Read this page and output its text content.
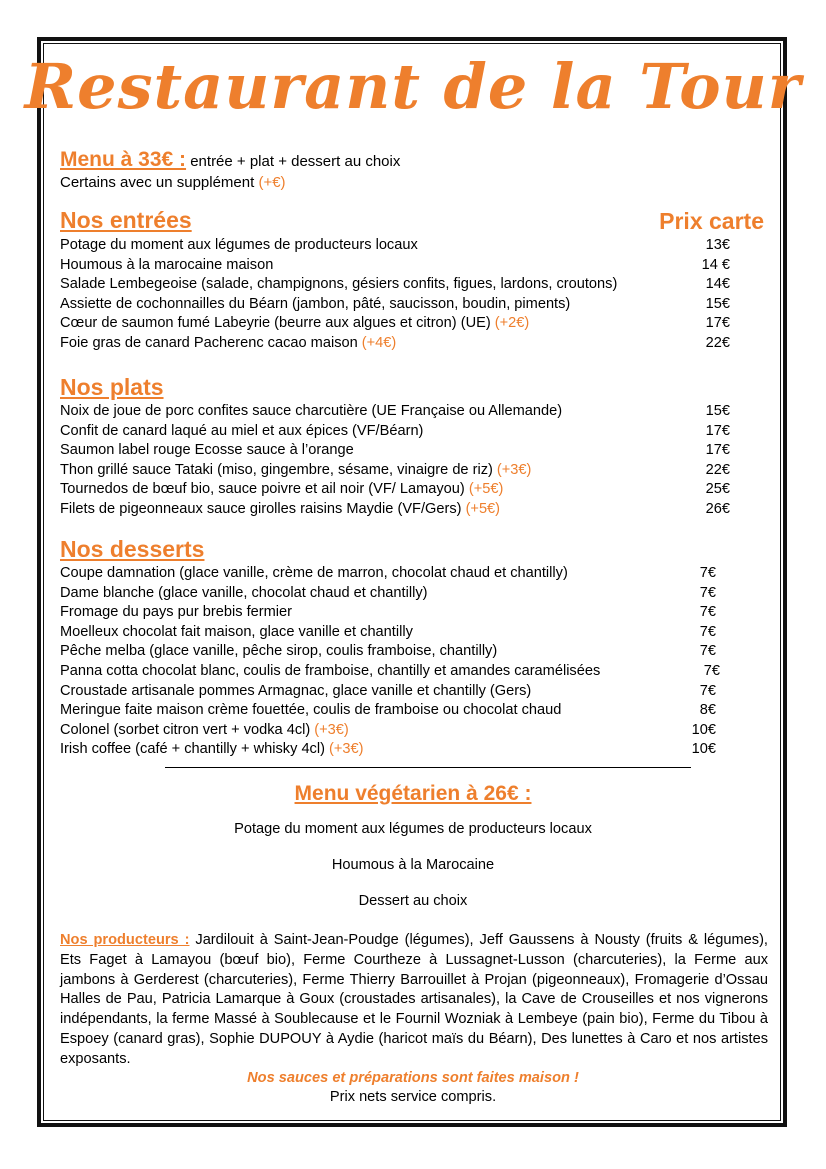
Restaurant de la Tour
Menu à 33€ : entrée + plat + dessert au choix
Certains avec un supplément (+€)
Nos entrées	Prix carte
Potage du moment aux légumes de producteurs locaux	13€
Houmous à la marocaine maison	14 €
Salade Lembegeoise (salade, champignons, gésiers confits, figues, lardons, croutons)	14€
Assiette de cochonnailles du Béarn (jambon, pâté, saucisson, boudin, piments)	15€
Cœur de saumon fumé Labeyrie (beurre aux algues et citron) (UE) (+2€)	17€
Foie gras de canard Pacherenc cacao maison (+4€)	22€
Nos plats
Noix de joue de porc confites sauce charcutière (UE Française ou Allemande)	15€
Confit de canard laqué au miel et aux épices (VF/Béarn)	17€
Saumon label rouge Ecosse sauce à l’orange	17€
Thon grillé sauce Tataki (miso, gingembre, sésame, vinaigre de riz) (+3€)	22€
Tournedos de bœuf bio, sauce poivre et ail noir (VF/ Lamayou) (+5€)	25€
Filets de pigeonneaux sauce girolles raisins Maydie (VF/Gers) (+5€)	26€
Nos desserts
Coupe damnation (glace vanille, crème de marron, chocolat chaud et chantilly)	7€
Dame blanche (glace vanille, chocolat chaud et chantilly)	7€
Fromage du pays pur brebis fermier	7€
Moelleux chocolat fait maison, glace vanille et chantilly	7€
Pêche melba (glace vanille, pêche sirop, coulis framboise, chantilly)	7€
Panna cotta chocolat blanc, coulis de framboise, chantilly et amandes caramélisées	7€
Croustade artisanale pommes Armagnac, glace vanille et chantilly (Gers)	7€
Meringue faite maison crème fouettée, coulis de framboise ou chocolat chaud	8€
Colonel (sorbet citron vert + vodka 4cl) (+3€)	10€
Irish coffee (café + chantilly + whisky 4cl) (+3€)	10€
Menu végétarien à 26€ :
Potage du moment aux légumes de producteurs locaux
Houmous à la Marocaine
Dessert au choix
Nos producteurs : Jardilouit à Saint-Jean-Poudge (légumes), Jeff Gaussens à Nousty (fruits & légumes), Ets Faget à Lamayou (bœuf bio), Ferme Courtheze à Lussagnet-Lusson (charcuteries), la Ferme aux jambons à Gerderest (charcuteries), Ferme Thierry Barrouillet à Projan (pigeonneaux), Fromagerie d’Ossau Halles de Pau, Patricia Lamarque à Goux (croustades artisanales), la Cave de Crouseilles et nos vignerons indépendants, la ferme Massé à Soublecause et le Fournil Wozniak à Lembeye (pain bio), Ferme du Tibou à Espoey (canard gras), Sophie DUPOUY à Aydie (haricot maïs du Béarn), Des lunettes à Caro et nos artistes exposants.
Nos sauces et préparations sont faites maison !
Prix nets service compris.
